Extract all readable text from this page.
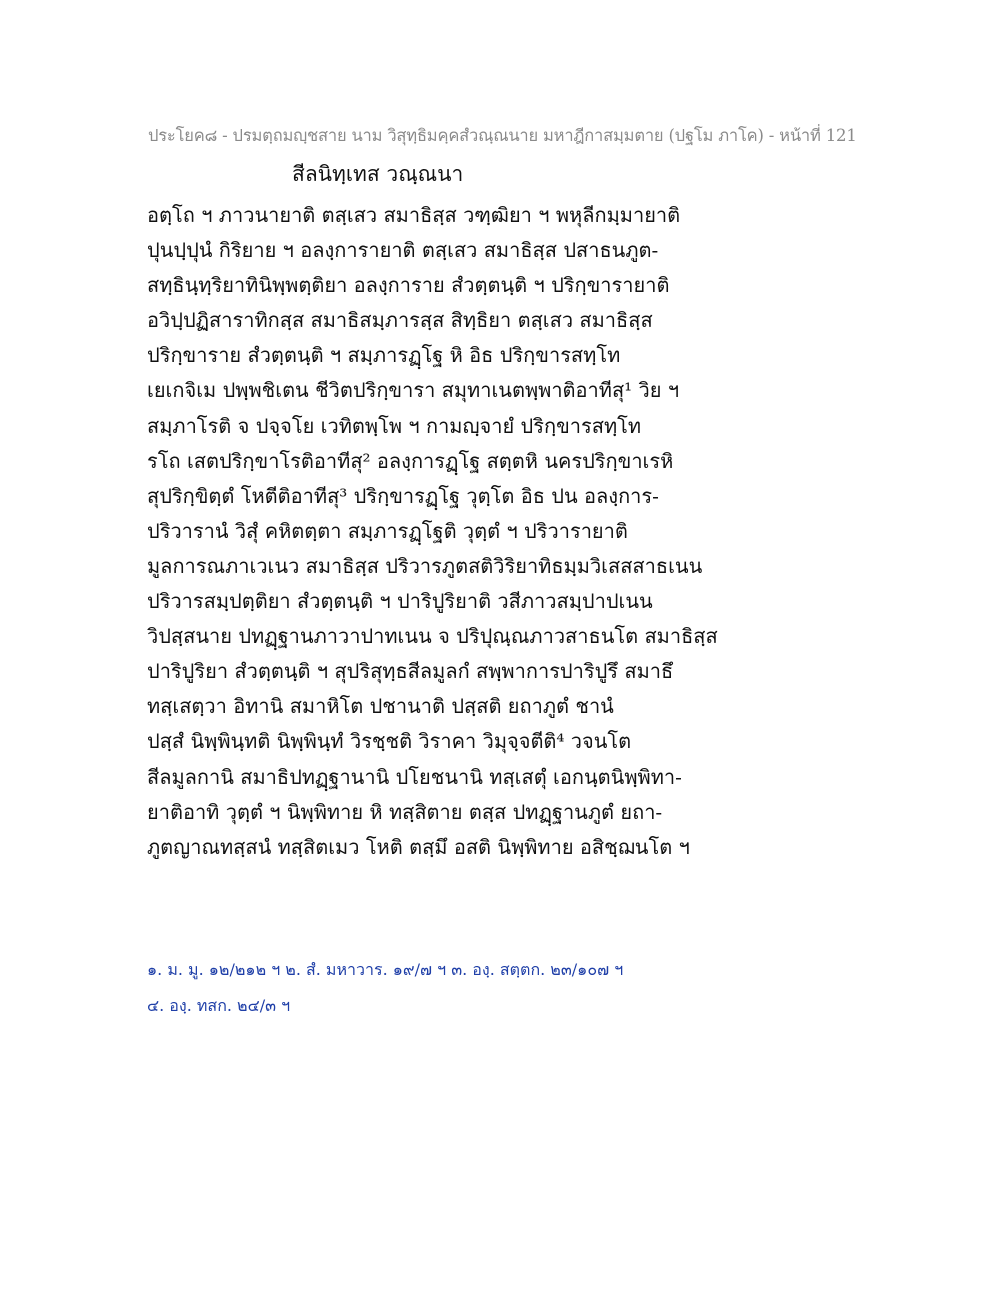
ประโยค๘ - ปรมตฺถมญฺชสาย นาม วิสุทฺธิมคฺคสํวณฺณนาย มหาฎีกาสมฺมตาย (ปฐโม ภาโค) - หน้าที่ 121
สีลนิทฺเทส วณฺณนา
อตฺโถ ฯ ภาวนายาติ ตสฺเสว สมาธิสฺส วฑฺฒิยา ฯ พหุลีกมฺมายาติ
ปุนปฺปุนํ กิริยาย ฯ อลงฺการายาติ ตสฺเสว สมาธิสฺส ปสาธนภูต-
สทฺธินฺทฺริยาทินิพฺพตฺติยา อลงฺการาย สํวตฺตนฺติ ฯ ปริกฺขารายาติ
อวิปฺปฏิสาราทิกสฺส สมาธิสมฺภารสฺส สิทฺธิยา ตสฺเสว สมาธิสฺส
ปริกฺขาราย สํวตฺตนฺติ ฯ สมฺภารฏฺโฐ หิ อิธ ปริกฺขารสทฺโท
เยเกจิเม ปพฺพชิเตน ชีวิตปริกฺขารา สมุทาเนตพฺพาติอาทีสุ¹ วิย ฯ
สมฺภาโรติ จ ปจฺจโย เวทิตพฺโพ ฯ กามญฺจายํ ปริกฺขารสทฺโท
รโถ เสตปริกฺขาโรติอาทีสุ² อลงฺการฏฺโฐ สตฺตหิ นครปริกฺขาเรหิ
สุปริกฺขิตฺตํ โหตีติอาทีสุ³ ปริกฺขารฏฺโฐ วุตฺโต อิธ ปน อลงฺการ-
ปริวารานํ วิสุํ คหิตตฺตา สมฺภารฏฺโฐติ วุตฺตํ ฯ ปริวารายาติ
มูลการณภาเวเนว สมาธิสฺส ปริวารภูตสติวิริยาทิธมฺมวิเสสสาธเนน
ปริวารสมฺปตฺติยา สํวตฺตนฺติ ฯ ปาริปูริยาติ วสีภาวสมฺปาปเนน
วิปสฺสนาย ปทฏฺฐานภาวาปาทเนน จ ปริปุณฺณภาวสาธนโต สมาธิสฺส
ปาริปูริยา สํวตฺตนฺติ ฯ สุปริสุทฺธสีลมูลกํ สพฺพาการปาริปูรึ สมาธึ
ทสฺเสตฺวา อิทานิ สมาหิโต ปชานาติ ปสฺสติ ยถาภูตํ ชานํ
ปสฺสํ นิพฺพินฺทติ นิพฺพินฺทํ วิรชฺชติ วิราคา วิมุจฺจตีติ⁴ วจนโต
สีลมูลกานิ สมาธิปทฏฺฐานานิ ปโยชนานิ ทสฺเสตุํ เอกนฺตนิพฺพิทา-
ยาติอาทิ วุตฺตํ ฯ นิพฺพิทาย หิ ทสฺสิตาย ตสฺส ปทฏฺฐานภูตํ ยถา-
ภูตญาณทสฺสนํ ทสฺสิตเมว โหติ ตสฺมึ อสติ นิพฺพิทาย อสิชฺฌนโต ฯ
๑. ม. มู. ๑๒/๒๑๒ ฯ ๒. สํ. มหาวาร. ๑๙/๗ ฯ ๓. องฺ. สตฺตก. ๒๓/๑๐๗ ฯ
๔. องฺ. ทสก. ๒๔/๓ ฯ
